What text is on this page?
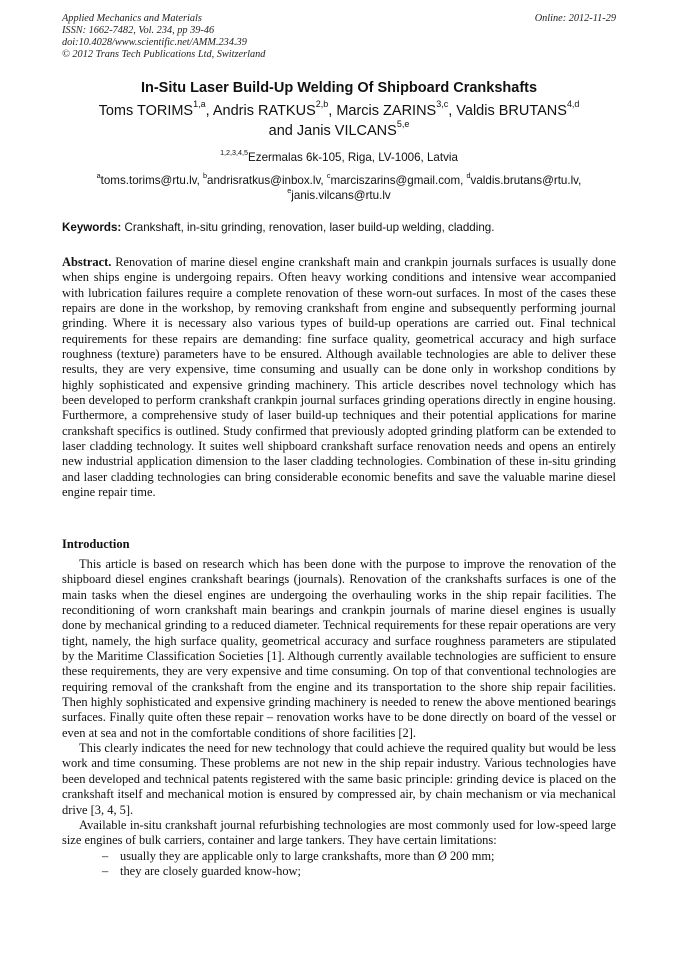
Applied Mechanics and Materials
ISSN: 1662-7482, Vol. 234, pp 39-46
doi:10.4028/www.scientific.net/AMM.234.39
© 2012 Trans Tech Publications Ltd, Switzerland
Online: 2012-11-29
In-Situ Laser Build-Up Welding Of Shipboard Crankshafts
Toms TORIMS$^{1,a}$, Andris RATKUS$^{2,b}$, Marcis ZARINS$^{3,c}$, Valdis BRUTANS$^{4,d}$
and Janis VILCANS$^{5,e}$
$^{1,2,3,4,5}$Ezermalas 6k-105, Riga, LV-1006, Latvia
$^a$toms.torims@rtu.lv, $^b$andrisratkus@inbox.lv, $^c$marciszarins@gmail.com, $^d$valdis.brutans@rtu.lv,
$^e$janis.vilcans@rtu.lv
Keywords: Crankshaft, in-situ grinding, renovation, laser build-up welding, cladding.

Abstract. Renovation of marine diesel engine crankshaft main and crankpin journals surfaces is usually done when ships engine is undergoing repairs. Often heavy working conditions and intensive wear accompanied with lubrication failures require a complete renovation of these worn-out surfaces. In most of the cases these repairs are done in the workshop, by removing crankshaft from engine and subsequently performing journal grinding. Where it is necessary also various types of build-up operations are carried out. Final technical requirements for these repairs are demanding: fine surface quality, geometrical accuracy and high surface roughness (texture) parameters have to be ensured. Although available technologies are able to deliver these results, they are very expensive, time consuming and usually can be done only in workshop conditions by highly sophisticated and expensive grinding machinery. This article describes novel technology which has been developed to perform crankshaft crankpin journal surfaces grinding operations directly in engine housing. Furthermore, a comprehensive study of laser build-up techniques and their potential applications for marine crankshaft specifics is outlined. Study confirmed that previously adopted grinding platform can be extended to laser cladding technology. It suites well shipboard crankshaft surface renovation needs and opens an entirely new industrial application dimension to the laser cladding technologies. Combination of these in-situ grinding and laser cladding technologies can bring considerable economic benefits and save the valuable marine diesel engine repair time.

Introduction

This article is based on research which has been done with the purpose to improve the renovation of the shipboard diesel engines crankshaft bearings (journals). Renovation of the crankshafts surfaces is one of the main tasks when the diesel engines are undergoing the overhauling works in the ship repair facilities. The reconditioning of worn crankshaft main bearings and crankpin journals of marine diesel engines is usually done by mechanical grinding to a reduced diameter. Technical requirements for these repair operations are very tight, namely, the high surface quality, geometrical accuracy and surface roughness parameters are stipulated by the Maritime Classification Societies [1]. Although currently available technologies are sufficient to ensure these requirements, they are very expensive and time consuming. On top of that conventional technologies are requiring removal of the crankshaft from the engine and its transportation to the shore ship repair facilities. Then highly sophisticated and expensive grinding machinery is needed to renew the above mentioned bearings surfaces. Finally quite often these repair – renovation works have to be done directly on board of the vessel or even at sea and not in the comfortable conditions of shore facilities [2].

This clearly indicates the need for new technology that could achieve the required quality but would be less work and time consuming. These problems are not new in the ship repair industry. Various technologies have been developed and technical patents registered with the same basic principle: grinding device is placed on the crankshaft itself and mechanical motion is ensured by compressed air, by chain mechanism or via mechanical drive [3, 4, 5].

Available in-situ crankshaft journal refurbishing technologies are most commonly used for low-speed large size engines of bulk carriers, container and large tankers. They have certain limitations:

– usually they are applicable only to large crankshafts, more than Ø 200 mm;
– they are closely guarded know-how;
